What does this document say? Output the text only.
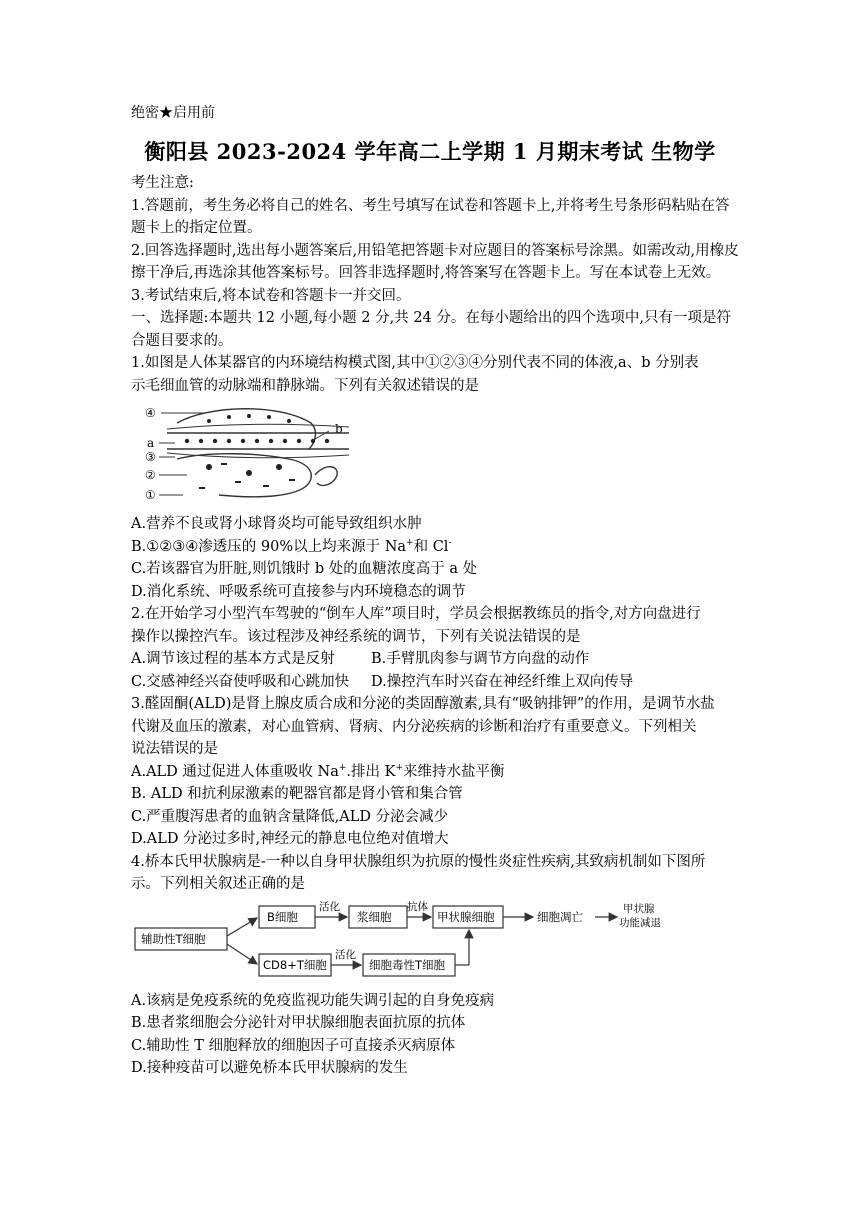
绝密★启用前
衡阳县 2023-2024 学年高二上学期 1 月期末考试 生物学

考生注意:

1.答题前，考生务必将自己的姓名、考生号填写在试卷和答题卡上,并将考生号条形码粘贴在答题卡上的指定位置。

2.回答选择题时,选出每小题答案后,用铅笔把答题卡对应题目的答案标号涂黑。如需改动,用橡皮擦干净后,再选涂其他答案标号。回答非选择题时,将答案写在答题卡上。写在本试卷上无效。

3.考试结束后,将本试卷和答题卡一并交回。

一、选择题:本题共 12 小题,每小题 2 分,共 24 分。在每小题给出的四个选项中,只有一项是符合题目要求的。

1.如图是人体某器官的内环境结构模式图,其中①②③④分别代表不同的体液,a、b 分别表

示毛细血管的动脉端和静脉端。下列有关叙述错误的是

④
a
③
②
①
b

A.营养不良或肾小球肾炎均可能导致组织水肿

B.①②③④渗透压的 90%以上均来源于 Na+和 Cl-

C.若该器官为肝脏,则饥饿时 b 处的血糖浓度高于 a 处

D.消化系统、呼吸系统可直接参与内环境稳态的调节

2.在开始学习小型汽车驾驶的“倒车人库”项目时，学员会根据教练员的指令,对方向盘进行

操作以操控汽车。该过程涉及神经系统的调节，下列有关说法错误的是

A.调节该过程的基本方式是反射	B.手臂肌肉参与调节方向盘的动作
C.交感神经兴奋使呼吸和心跳加快	D.操控汽车时兴奋在神经纤维上双向传导

3.醛固酮(ALD)是肾上腺皮质合成和分泌的类固醇激素,具有“吸钠排钾”的作用，是调节水盐

代谢及血压的激素，对心血管病、肾病、内分泌疾病的诊断和治疗有重要意义。下列相关

说法错误的是

A.ALD 通过促进人体重吸收 Na+.排出 K+来维持水盐平衡

B. ALD 和抗利尿激素的靶器官都是肾小管和集合管

C.严重腹泻患者的血钠含量降低,ALD 分泌会减少

D.ALD 分泌过多时,神经元的静息电位绝对值增大

4.桥本氏甲状腺病是-一种以自身甲状腺组织为抗原的慢性炎症性疾病,其致病机制如下图所

示。下列相关叙述正确的是

辅助性T细胞
B细胞
活化
浆细胞
抗体
甲状腺细胞	细胞凋亡
甲状腺
功能减退
CD8+T细胞
活化
细胞毒性T细胞

A.该病是免疫系统的免疫监视功能失调引起的自身免疫病

B.患者浆细胞会分泌针对甲状腺细胞表面抗原的抗体

C.辅助性 T 细胞释放的细胞因子可直接杀灭病原体

D.接种疫苗可以避免桥本氏甲状腺病的发生
